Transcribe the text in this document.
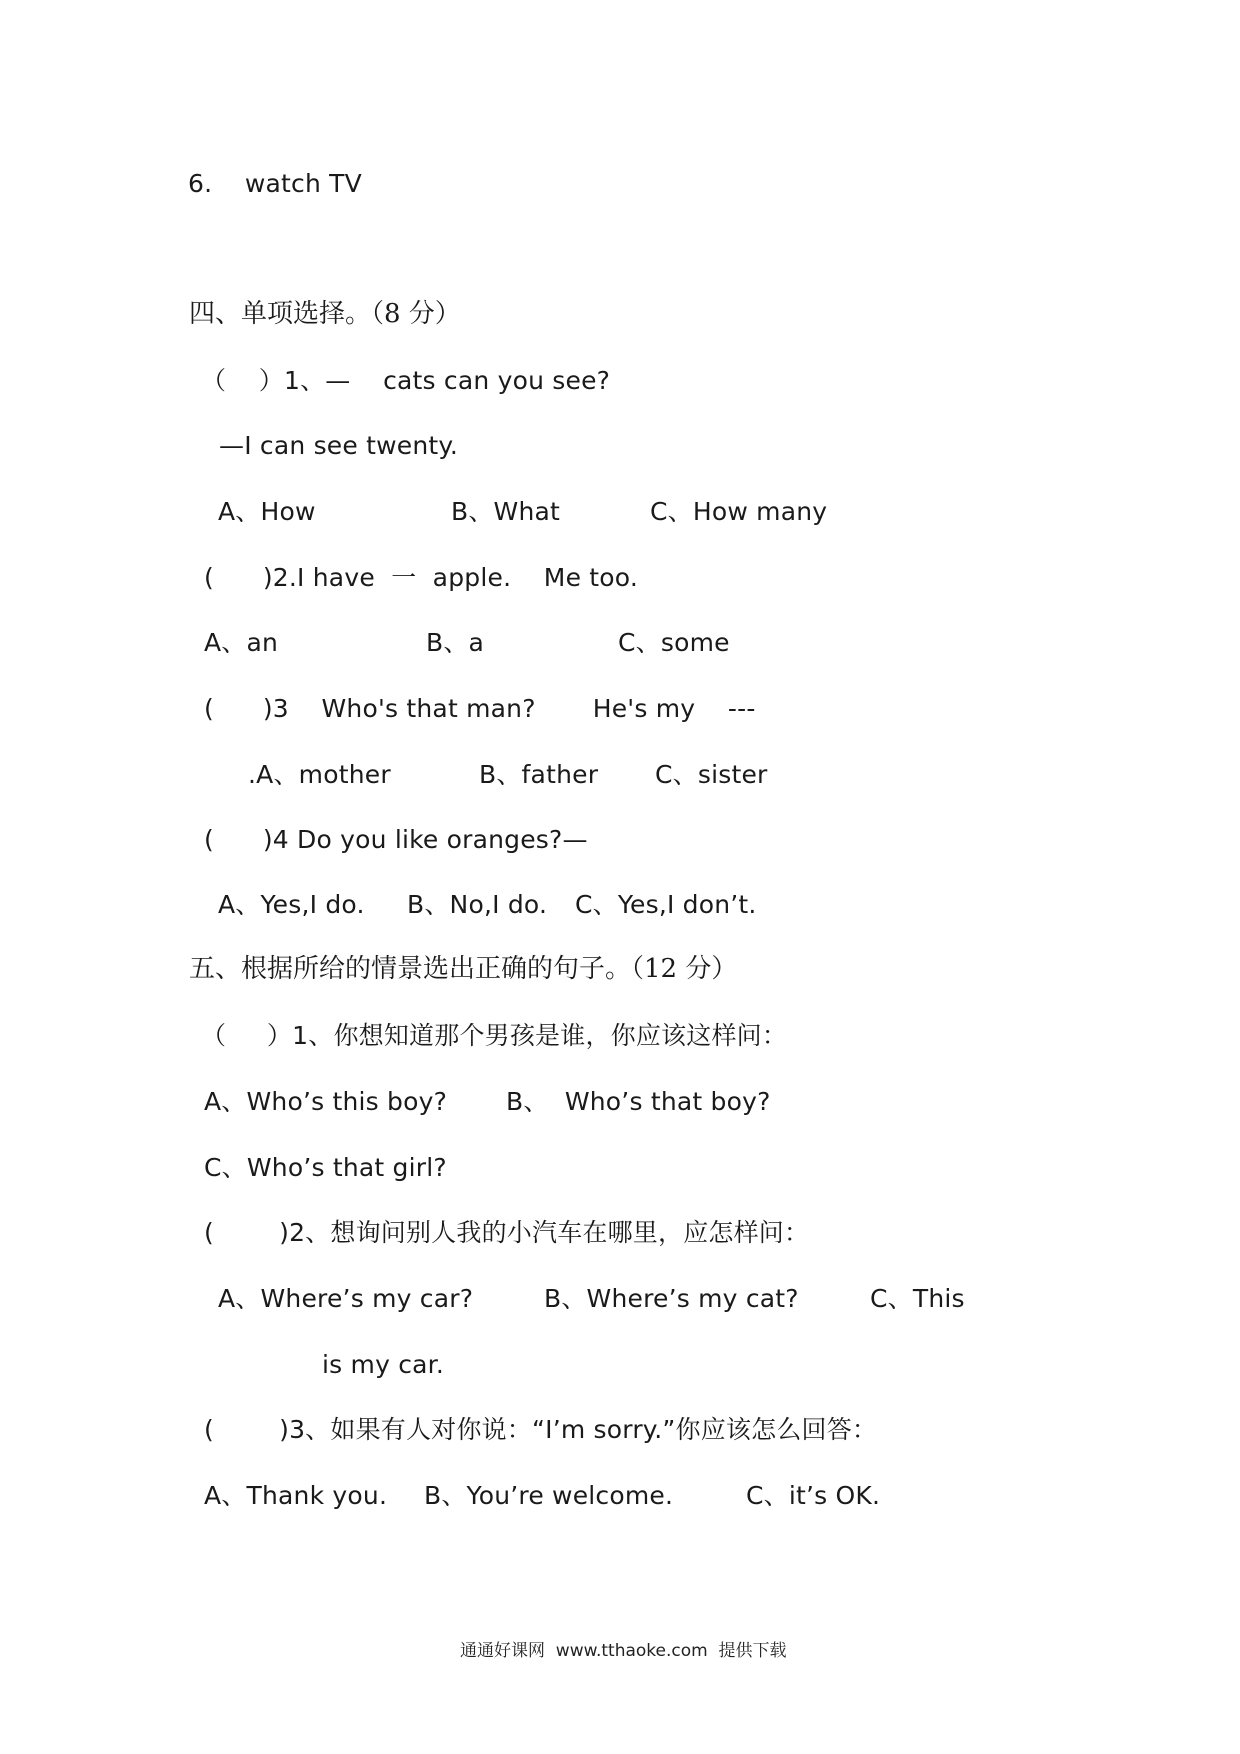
6.    watch TV
四、单项选择。（8 分）
（    ）1、—    cats can you see?
—I can see twenty.
A、How	B、What	C、How many
(      )2.I have  一  apple.    Me too.
A、an	B、a	C、some
(      )3    Who's that man?       He's my    ---
.A、mother	B、father C、sister
(      )4 Do you like oranges?—
A、Yes,I do. B、No,I do. C、Yes,I don’t.
五、根据所给的情景选出正确的句子。（12 分）
（     ）1、你想知道那个男孩是谁，你应该这样问：
A、Who’s this boy? B、  Who’s that boy?
C、Who’s that girl?
(        )2、想询问别人我的小汽车在哪里，应怎样问：
A、Where’s my car?	B、Where’s my cat?	C、This
is my car.
(        )3、如果有人对你说：“I’m sorry.”你应该怎么回答：
A、Thank you. B、You’re welcome.	C、it’s OK.
通通好课网  www.tthaoke.com  提供下载
